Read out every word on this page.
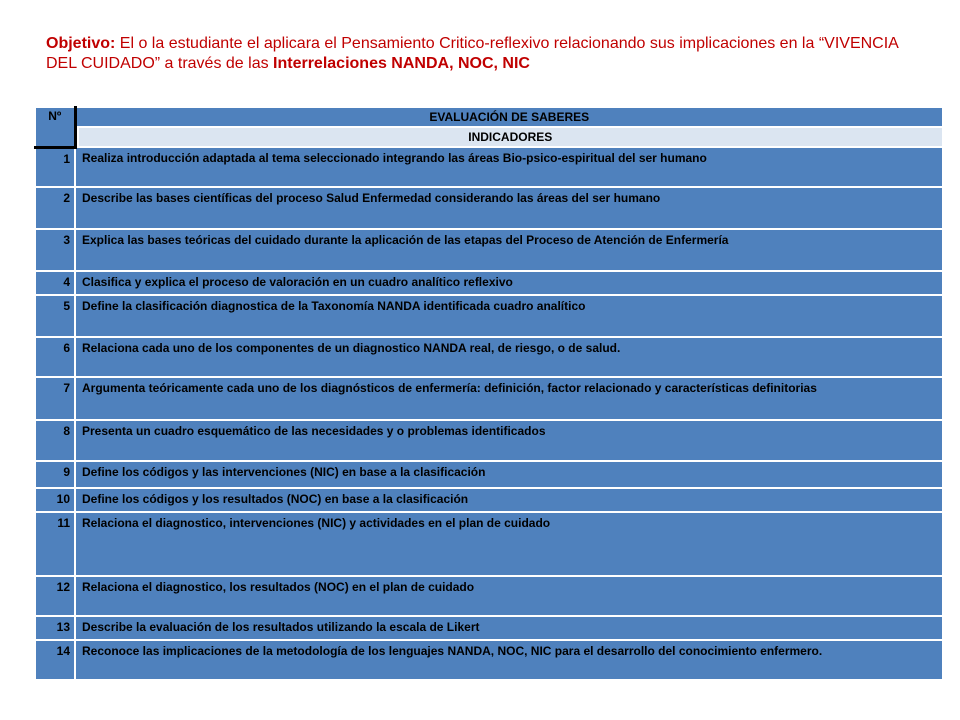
Objetivo: El o la estudiante el aplicara el Pensamiento Critico-reflexivo relacionando sus implicaciones en la “VIVENCIA DEL CUIDADO” a través de las Interrelaciones NANDA, NOC, NIC
Nº	EVALUACIÓN DE SABERES

	INDICADORES

1	Realiza introducción adaptada al tema seleccionado integrando las áreas Bio-psico-espiritual del ser humano
2	Describe las bases científicas del proceso Salud Enfermedad considerando las áreas del ser humano
3	Explica las bases teóricas del cuidado durante la aplicación de las etapas del Proceso de Atención de Enfermería
4	Clasifica y explica el proceso de valoración en un cuadro analítico reflexivo
5	Define la clasificación diagnostica de la Taxonomía NANDA identificada cuadro analítico
6	Relaciona cada uno de los componentes de un diagnostico NANDA real, de riesgo, o de salud.
7	Argumenta teóricamente cada uno de los diagnósticos de enfermería: definición, factor relacionado y características definitorias
8	Presenta un cuadro esquemático de las necesidades y o problemas identificados
9	Define los códigos y las intervenciones (NIC) en base a la clasificación
10	Define los códigos y los resultados (NOC) en base a la clasificación
11	Relaciona el diagnostico, intervenciones (NIC) y actividades en el plan de cuidado
12	Relaciona el diagnostico, los resultados (NOC) en el plan de cuidado
13	Describe la evaluación de los resultados utilizando la escala de Likert
14	Reconoce las implicaciones de la metodología de los lenguajes NANDA, NOC, NIC para el desarrollo del conocimiento enfermero.
